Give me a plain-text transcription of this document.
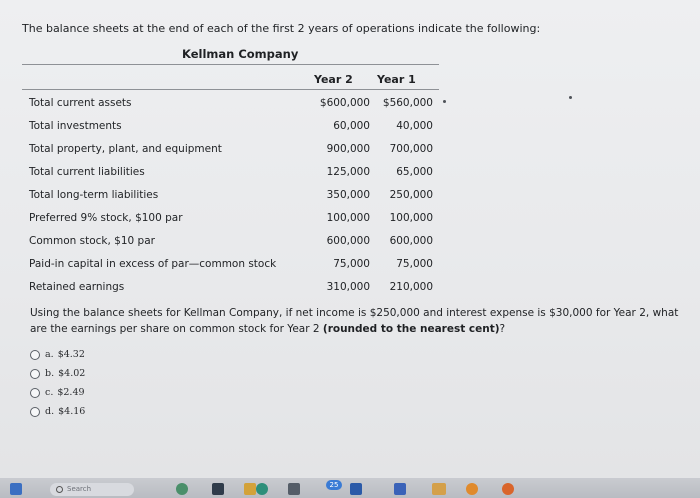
The balance sheets at the end of each of the first 2 years of operations indicate the following:
Kellman Company
Year 2 Year 1
Total current assets	$600,000 $560,000
Total investments	60,000	40,000
Total property, plant, and equipment	900,000 700,000
Total current liabilities	125,000	65,000
Total long-term liabilities	350,000 250,000
Preferred 9% stock, $100 par	100,000 100,000
Common stock, $10 par	600,000 600,000
Paid-in capital in excess of par—common stock	75,000	75,000
Retained earnings	310,000 210,000
Using the balance sheets for Kellman Company, if net income is $250,000 and interest expense is $30,000 for Year 2, what are the earnings per share on common stock for Year 2 (rounded to the nearest cent)?
a. $4.32
b. $4.02
c. $2.49
d. $4.16
Search	25
